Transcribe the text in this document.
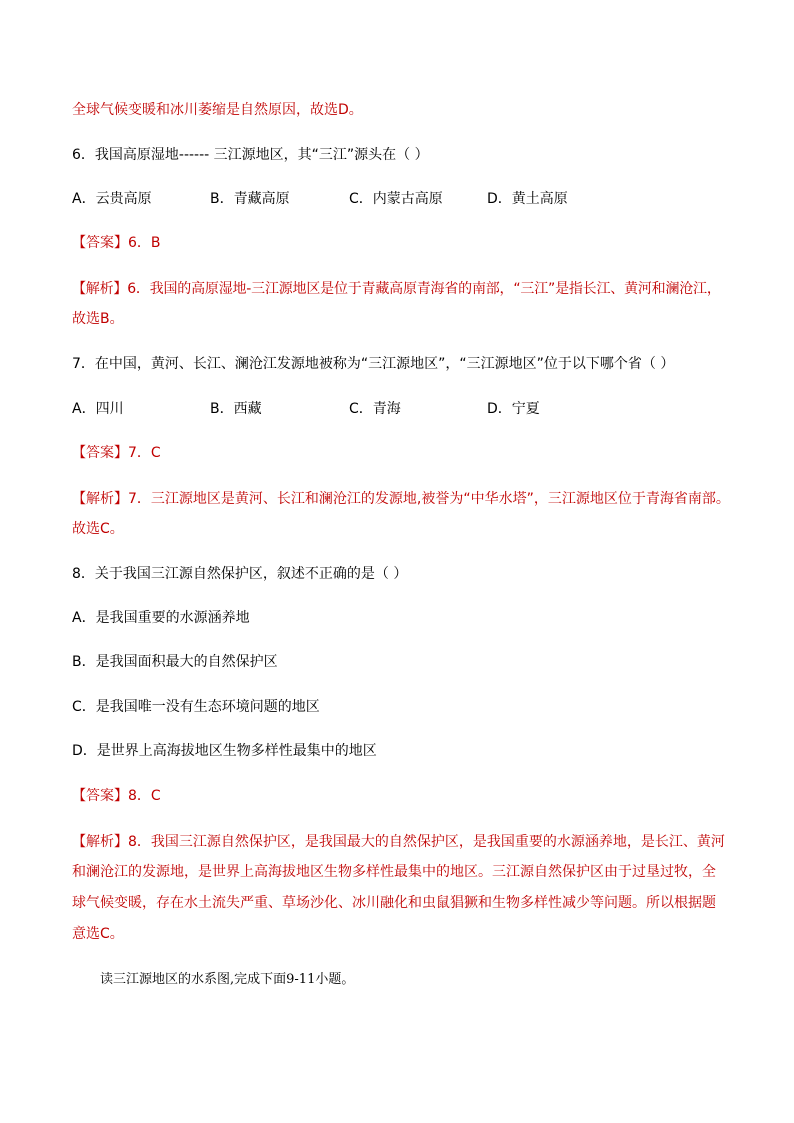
全球气候变暖和冰川萎缩是自然原因，故选D。
6．我国高原湿地------ 三江源地区，其“三江”源头在（ ）
A．云贵高原	B．青藏高原	C．内蒙古高原	D．黄土高原
【答案】6．B
【解析】6．我国的高原湿地-三江源地区是位于青藏高原青海省的南部，“三江”是指长江、黄河和澜沧江，
故选B。
7．在中国，黄河、长江、澜沧江发源地被称为“三江源地区”，“三江源地区”位于以下哪个省（ ）
A．四川	B．西藏	C．青海	D．宁夏
【答案】7．C
【解析】7．三江源地区是黄河、长江和澜沧江的发源地,被誉为“中华水塔”，三江源地区位于青海省南部。
故选C。
8．关于我国三江源自然保护区，叙述不正确的是（ ）
A．是我国重要的水源涵养地
B．是我国面积最大的自然保护区
C．是我国唯一没有生态环境问题的地区
D．是世界上高海拔地区生物多样性最集中的地区
【答案】8．C
【解析】8．我国三江源自然保护区，是我国最大的自然保护区，是我国重要的水源涵养地，是长江、黄河
和澜沧江的发源地，是世界上高海拔地区生物多样性最集中的地区。三江源自然保护区由于过垦过牧，全
球气候变暖，存在水土流失严重、草场沙化、冰川融化和虫鼠猖獗和生物多样性减少等问题。所以根据题
意选C。
读三江源地区的水系图,完成下面9-11小题。
